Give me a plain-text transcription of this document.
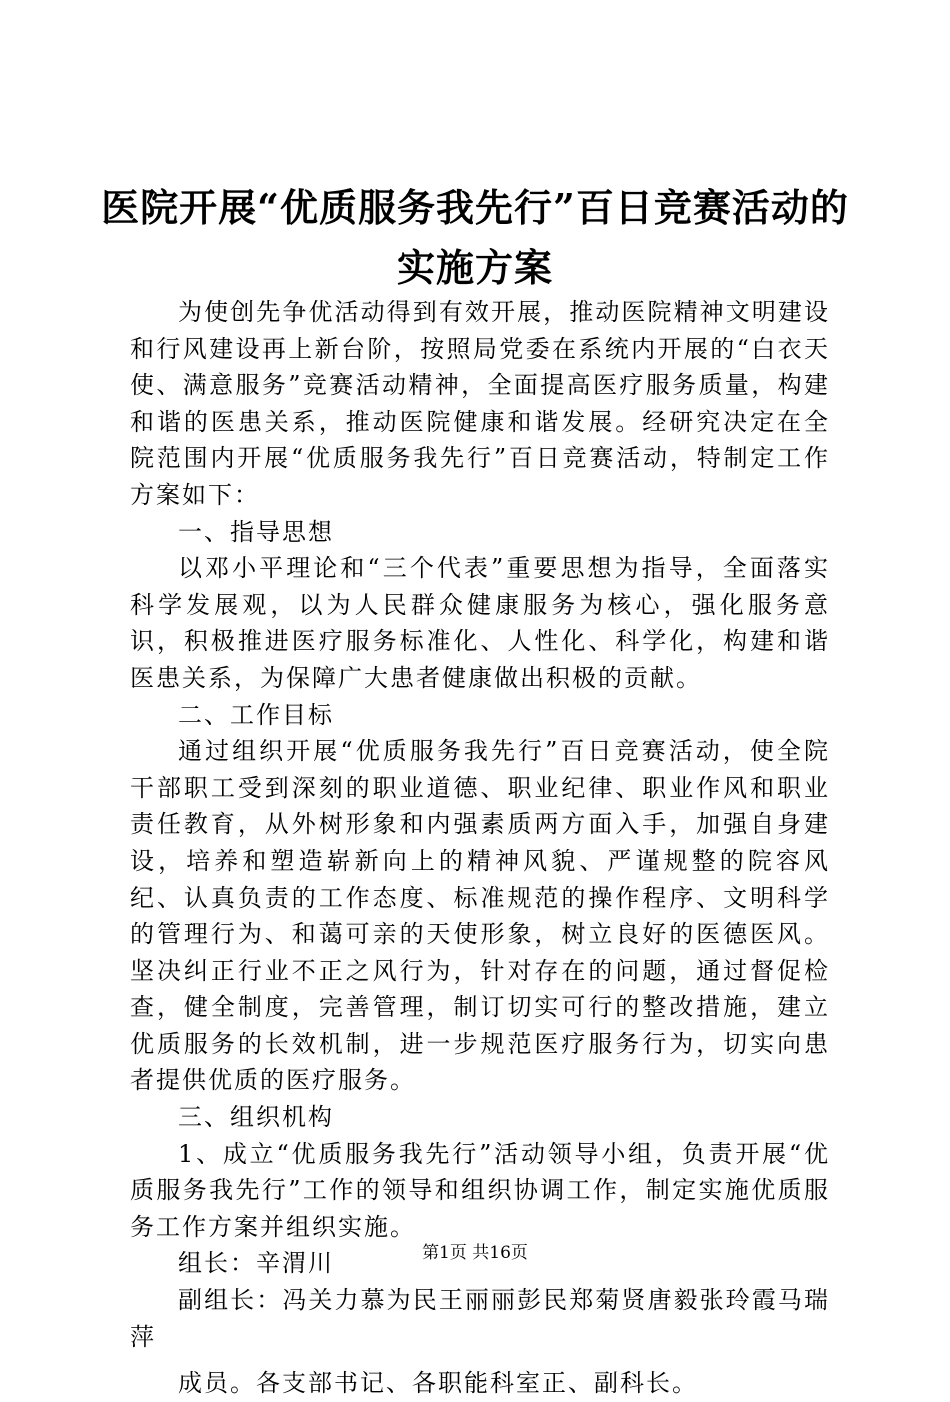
医院开展“优质服务我先行”百日竞赛活动的
实施方案

为使创先争优活动得到有效开展，推动医院精神文明建设和行风建设再上新台阶，按照局党委在系统内开展的“白衣天使、满意服务”竞赛活动精神，全面提高医疗服务质量，构建和谐的医患关系，推动医院健康和谐发展。经研究决定在全院范围内开展“优质服务我先行”百日竞赛活动，特制定工作方案如下：

一、指导思想

以邓小平理论和“三个代表”重要思想为指导，全面落实科学发展观，以为人民群众健康服务为核心，强化服务意识，积极推进医疗服务标准化、人性化、科学化，构建和谐医患关系，为保障广大患者健康做出积极的贡献。

二、工作目标

通过组织开展“优质服务我先行”百日竞赛活动，使全院干部职工受到深刻的职业道德、职业纪律、职业作风和职业责任教育，从外树形象和内强素质两方面入手，加强自身建设，培养和塑造崭新向上的精神风貌、严谨规整的院容风纪、认真负责的工作态度、标准规范的操作程序、文明科学的管理行为、和蔼可亲的天使形象，树立良好的医德医风。坚决纠正行业不正之风行为，针对存在的问题，通过督促检查，健全制度，完善管理，制订切实可行的整改措施，建立优质服务的长效机制，进一步规范医疗服务行为，切实向患者提供优质的医疗服务。

三、组织机构

1、成立“优质服务我先行”活动领导小组，负责开展“优质服务我先行”工作的领导和组织协调工作，制定实施优质服务工作方案并组织实施。

组长：辛渭川

副组长：冯关力慕为民王丽丽彭民郑菊贤唐毅张玲霞马瑞萍

成员。各支部书记、各职能科室正、副科长。

第1页 共16页
